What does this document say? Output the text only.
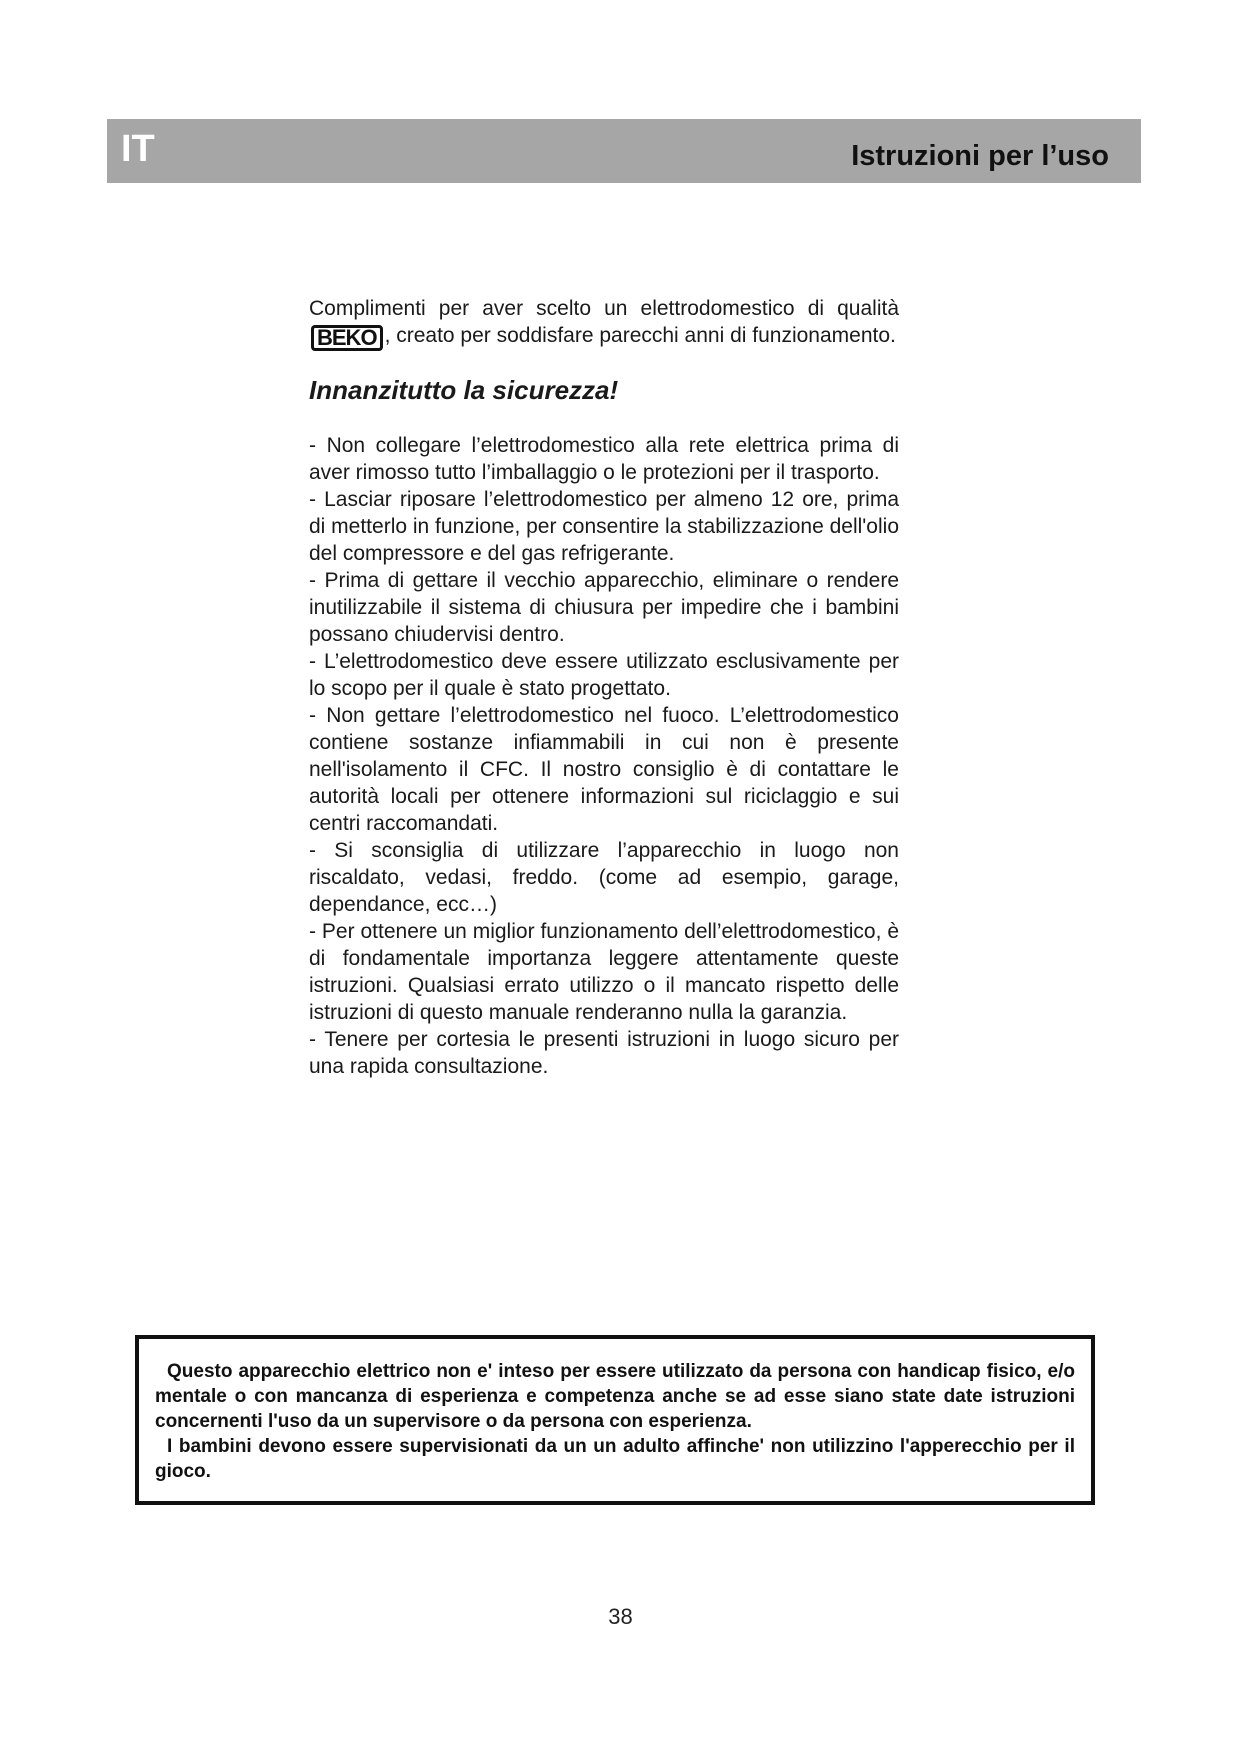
IT	Istruzioni per l’uso

Complimenti per aver scelto un elettrodomestico di qualità BEKO , creato per soddisfare parecchi anni di funzionamento.

Innanzitutto la sicurezza!

- Non collegare l’elettrodomestico alla rete elettrica prima di aver rimosso tutto l’imballaggio o le protezioni per il trasporto.

- Lasciar riposare l’elettrodomestico per almeno 12 ore, prima di metterlo in funzione, per consentire la stabilizzazione dell'olio del compressore e del gas refrigerante.

- Prima di gettare il vecchio apparecchio, eliminare o rendere inutilizzabile il sistema di chiusura per impedire che i bambini possano chiudervisi dentro.

- L’elettrodomestico deve essere utilizzato esclusivamente per lo scopo per il quale è stato progettato.

- Non gettare l’elettrodomestico nel fuoco. L’elettrodomestico contiene sostanze infiammabili in cui non è presente nell'isolamento il CFC. Il nostro consiglio è di contattare le autorità locali per ottenere informazioni sul riciclaggio e sui centri raccomandati.

- Si sconsiglia di utilizzare l’apparecchio in luogo non riscaldato, vedasi, freddo. (come ad esempio, garage, dependance, ecc…)

- Per ottenere un miglior funzionamento dell’elettrodomestico, è di fondamentale importanza leggere attentamente queste istruzioni. Qualsiasi errato utilizzo o il mancato rispetto delle istruzioni di questo manuale renderanno nulla la garanzia.

- Tenere per cortesia le presenti istruzioni in luogo sicuro per una rapida consultazione.

Questo apparecchio elettrico non e' inteso per essere utilizzato da persona con handicap fisico, e/o mentale o con mancanza di esperienza e competenza anche se ad esse siano state date istruzioni concernenti l'uso da un supervisore o da persona con esperienza.

I bambini devono essere supervisionati da un un adulto affinche' non utilizzino l'apperecchio per il gioco.

38
